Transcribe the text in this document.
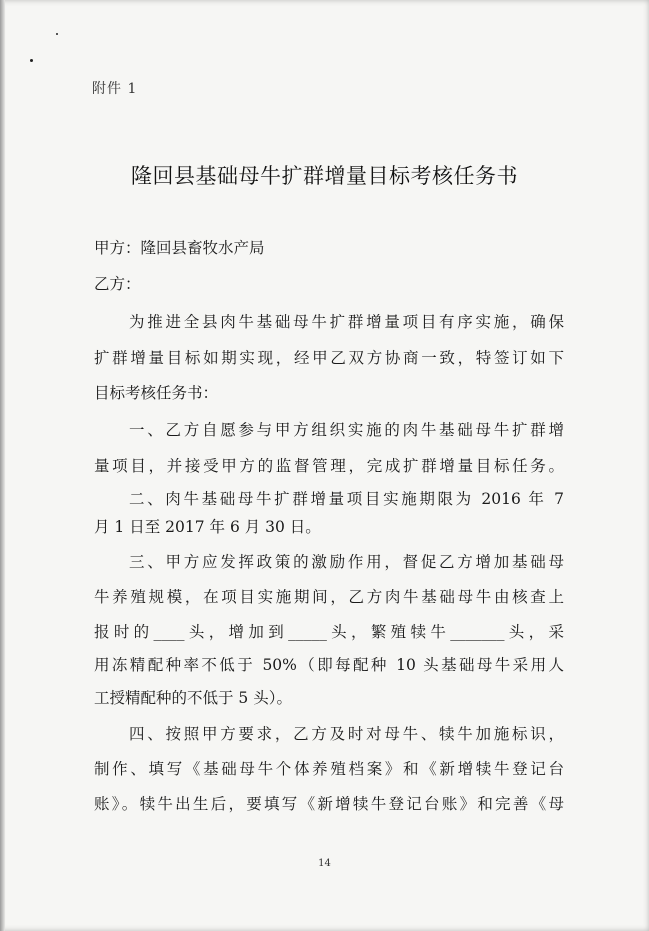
附件 1
隆回县基础母牛扩群增量目标考核任务书
甲方：隆回县畜牧水产局
乙方：
为推进全县肉牛基础母牛扩群增量项目有序实施，确保
扩群增量目标如期实现，经甲乙双方协商一致，特签订如下
目标考核任务书：
一、乙方自愿参与甲方组织实施的肉牛基础母牛扩群增
量项目，并接受甲方的监督管理，完成扩群增量目标任务。
二、肉牛基础母牛扩群增量项目实施期限为 2016 年 7
月 1 日至 2017 年 6 月 30 日。
三、甲方应发挥政策的激励作用，督促乙方增加基础母
牛养殖规模，在项目实施期间，乙方肉牛基础母牛由核查上
报时的____头，增加到_____头，繁殖犊牛_______头，采
用冻精配种率不低于 50%（即每配种 10 头基础母牛采用人
工授精配种的不低于 5 头）。
四、按照甲方要求，乙方及时对母牛、犊牛加施标识，
制作、填写《基础母牛个体养殖档案》和《新增犊牛登记台
账》。犊牛出生后，要填写《新增犊牛登记台账》和完善《母
14
